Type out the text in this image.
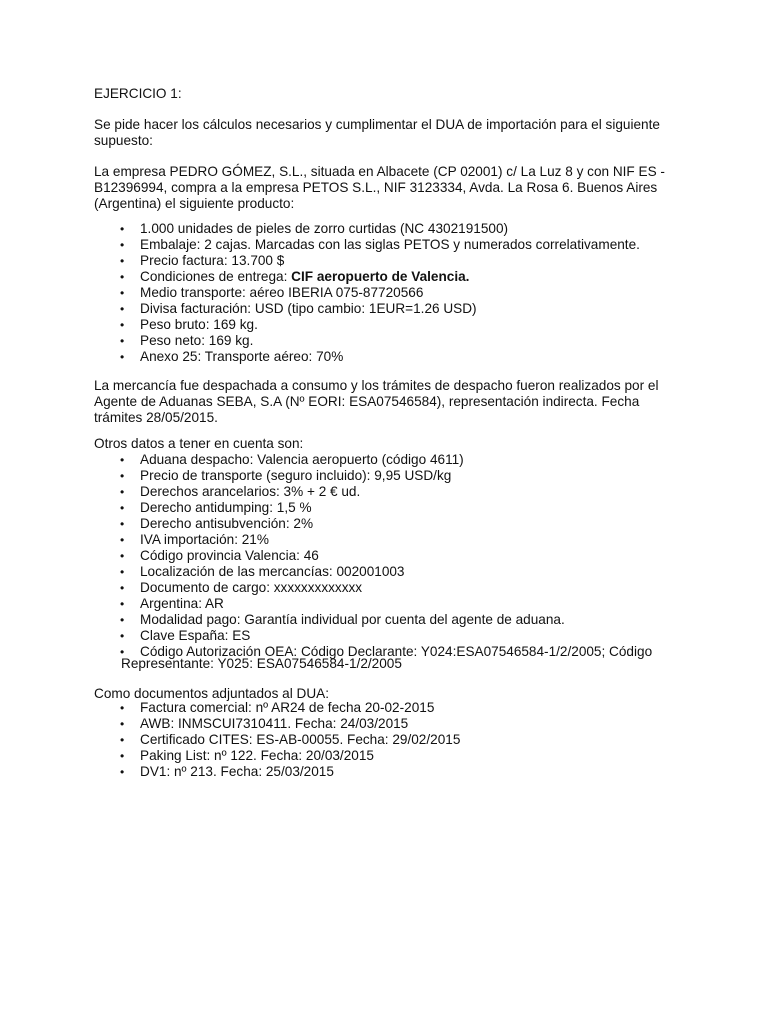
EJERCICIO 1:

Se pide hacer los cálculos necesarios y cumplimentar el DUA de importación para el siguiente
supuesto:

La empresa PEDRO GÓMEZ, S.L., situada en Albacete (CP 02001) c/ La Luz 8 y con NIF ES -
B12396994, compra a la empresa PETOS S.L., NIF 3123334, Avda. La Rosa 6. Buenos Aires
(Argentina) el siguiente producto:

• 1.000 unidades de pieles de zorro curtidas (NC 4302191500)
• Embalaje: 2 cajas. Marcadas con las siglas PETOS y numerados correlativamente.
• Precio factura: 13.700 $
• Condiciones de entrega: CIF aeropuerto de Valencia.
• Medio transporte: aéreo IBERIA 075-87720566
• Divisa facturación: USD (tipo cambio: 1EUR=1.26 USD)
• Peso bruto: 169 kg.
• Peso neto: 169 kg.
• Anexo 25: Transporte aéreo: 70%

La mercancía fue despachada a consumo y los trámites de despacho fueron realizados por el
Agente de Aduanas SEBA, S.A (Nº EORI: ESA07546584), representación indirecta. Fecha
trámites 28/05/2015.

Otros datos a tener en cuenta son:

• Aduana despacho: Valencia aeropuerto (código 4611)
• Precio de transporte (seguro incluido): 9,95 USD/kg
• Derechos arancelarios: 3% + 2 € ud.
• Derecho antidumping: 1,5 %
• Derecho antisubvención: 2%
• IVA importación: 21%
• Código provincia Valencia: 46
• Localización de las mercancías: 002001003
• Documento de cargo: xxxxxxxxxxxxx
• Argentina: AR
• Modalidad pago: Garantía individual por cuenta del agente de aduana.
• Clave España: ES
• Código Autorización OEA: Código Declarante: Y024:ESA07546584-1/2/2005; Código
Representante: Y025: ESA07546584-1/2/2005

Como documentos adjuntados al DUA:

• Factura comercial: nº AR24 de fecha 20-02-2015
• AWB: INMSCUI7310411. Fecha: 24/03/2015
• Certificado CITES: ES-AB-00055. Fecha: 29/02/2015
• Paking List: nº 122. Fecha: 20/03/2015
• DV1: nº 213. Fecha: 25/03/2015
